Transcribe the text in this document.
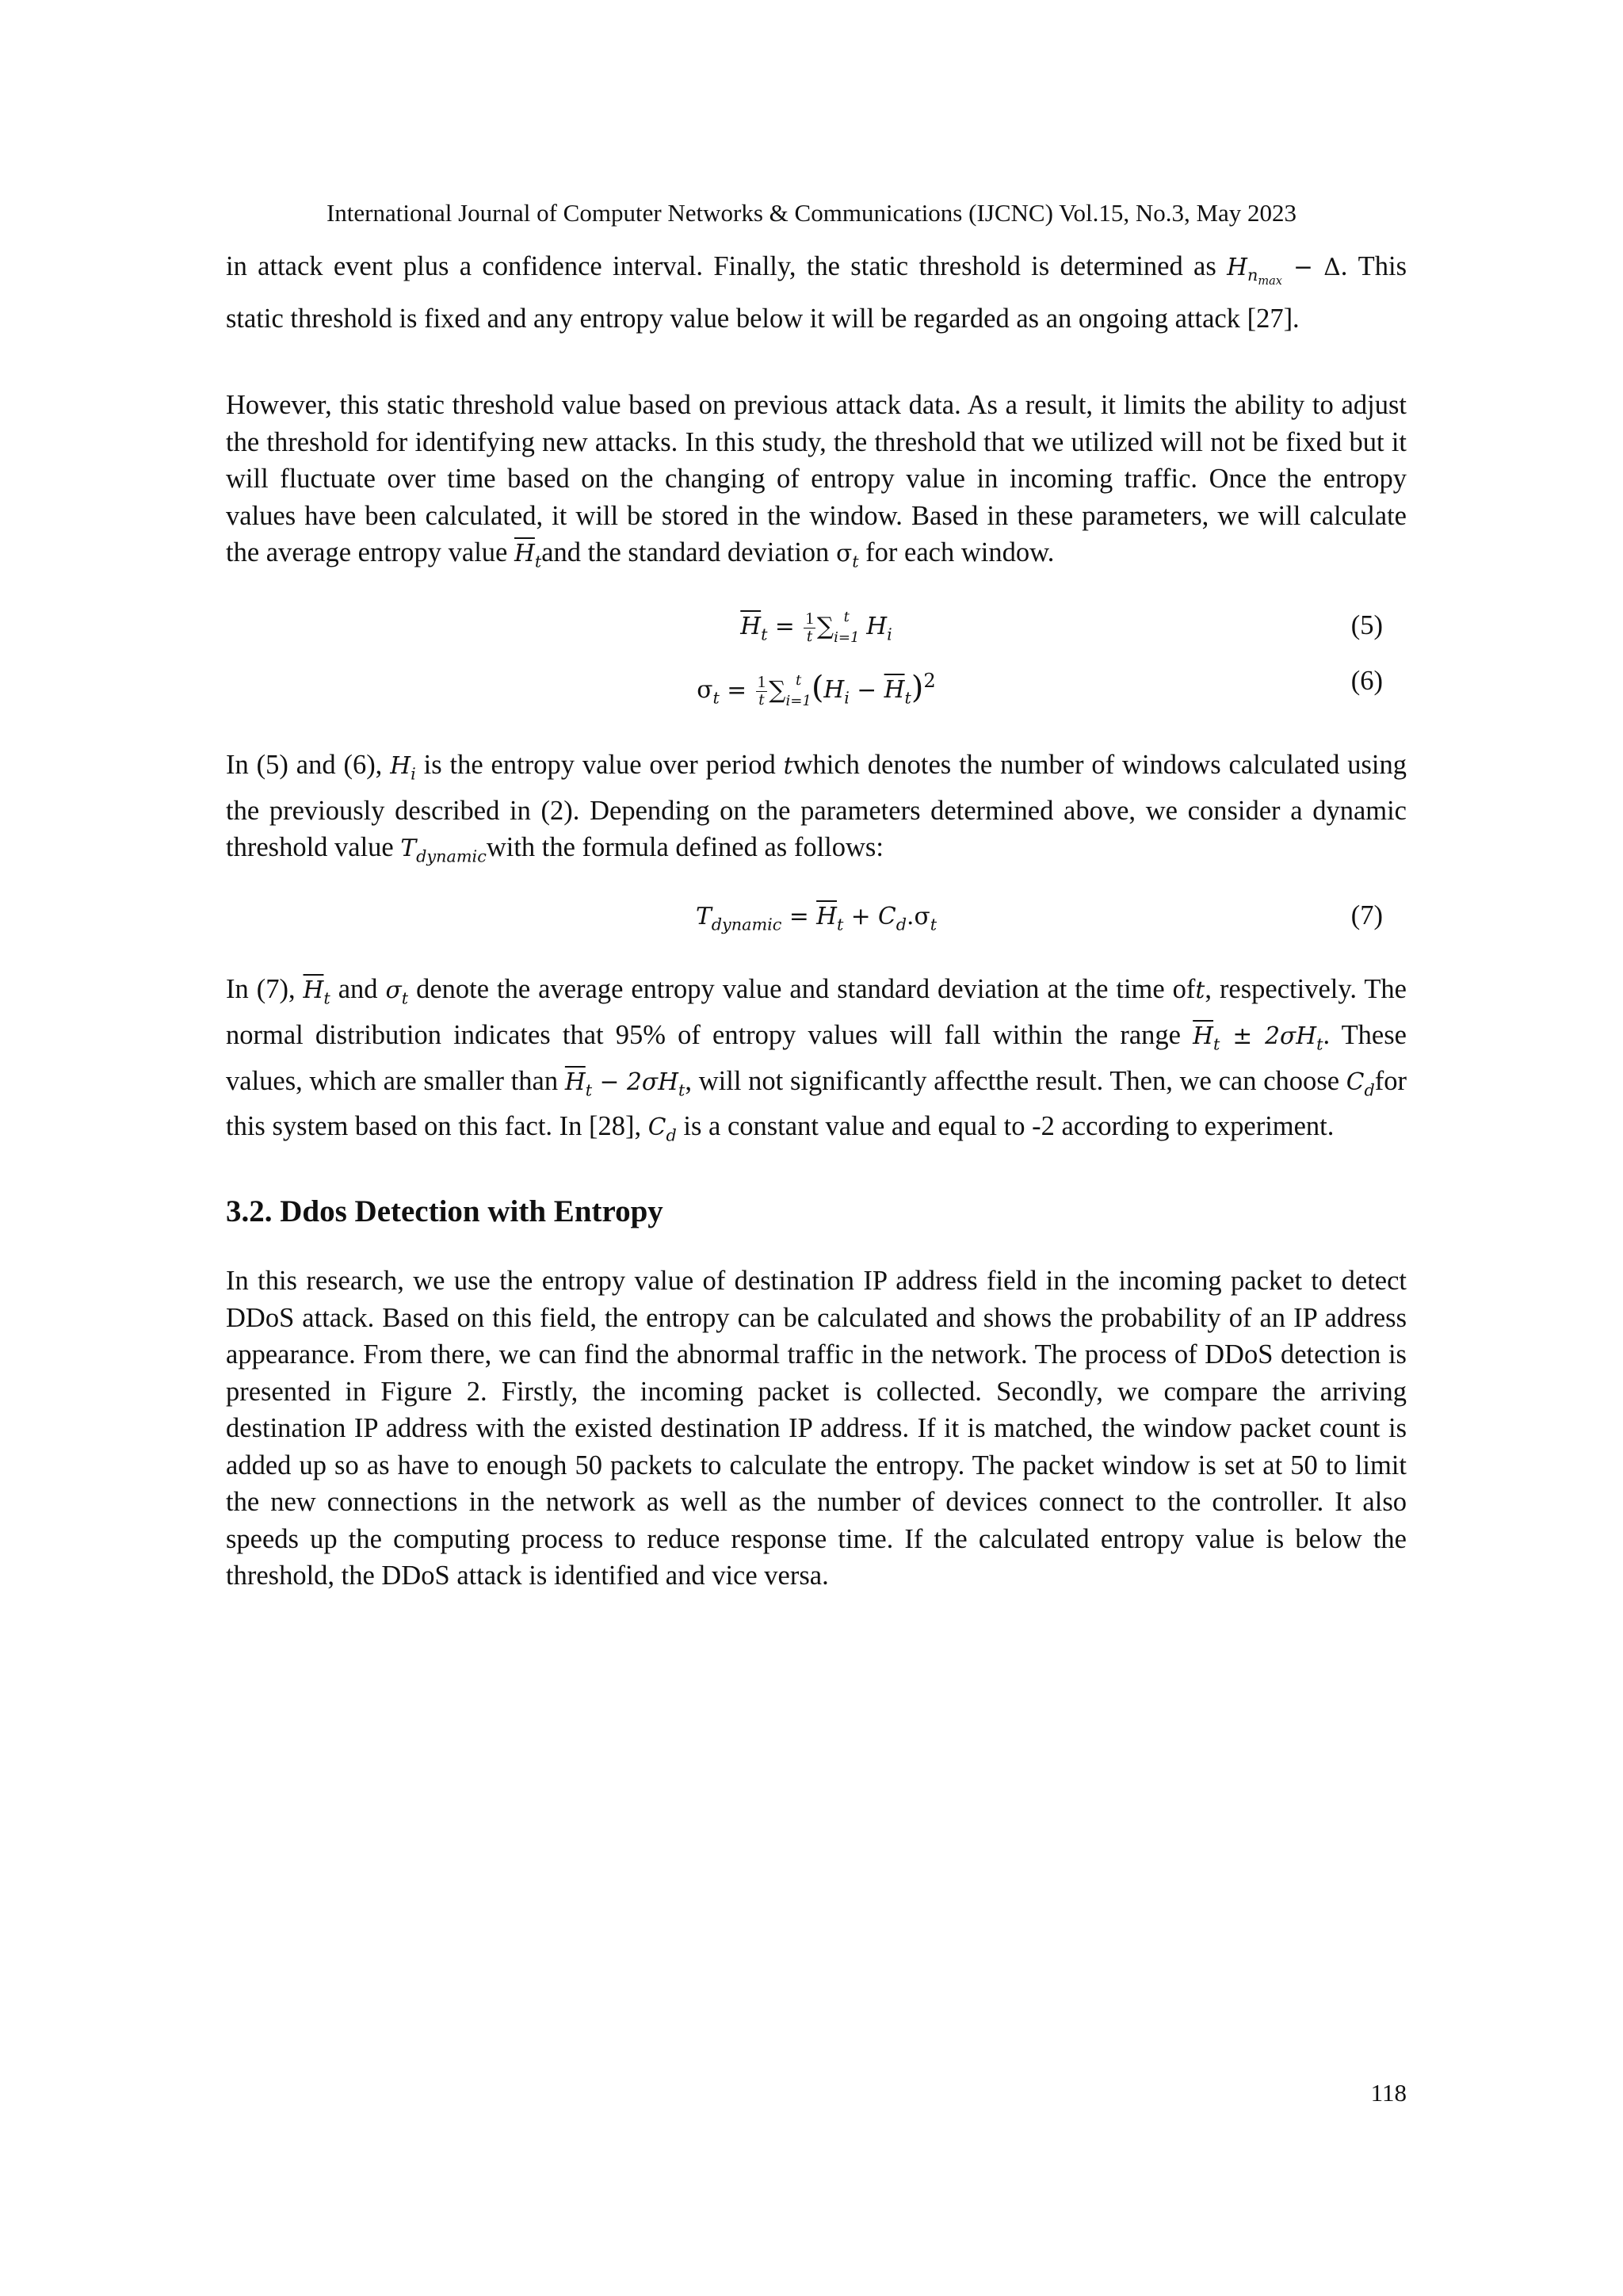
International Journal of Computer Networks & Communications (IJCNC) Vol.15, No.3, May 2023

in attack event plus a confidence interval. Finally, the static threshold is determined as $H_{n_{max}} - \Delta$. This static threshold is fixed and any entropy value below it will be regarded as an ongoing attack [27].

However, this static threshold value based on previous attack data. As a result, it limits the ability to adjust the threshold for identifying new attacks. In this study, the threshold that we utilized will not be fixed but it will fluctuate over time based on the changing of entropy value in incoming traffic. Once the entropy values have been calculated, it will be stored in the window. Based in these parameters, we will calculate the average entropy value $\overline{H}_tand$ the standard deviation $\sigma_t$ for each window.

$\overline{H}_t = \frac{1}{t}$ ∑ t
i=1 $H_i$	(5)
$\sigma_t = \frac{1}{t}$ ∑ t
i=1 $(H_i - \overline{H}_t)^2$	(6)

In (5) and (6), $H_i$ is the entropy value over period twhich denotes the number of windows calculated using the previously described in (2). Depending on the parameters determined above, we consider a dynamic threshold value $T_{dynamic}with$ the formula defined as follows:

$T_{dynamic} = \overline{H}_t + C_d.\sigma_t$	(7)

In (7), $\overline{H}_t$ and $\sigma_t$ denote the average entropy value and standard deviation at the time oft, respectively. The normal distribution indicates that 95% of entropy values will fall within the range $\overline{H}_t \pm 2\sigma H_t$. These values, which are smaller than $\overline{H}_t - 2\sigma H_t$, will not significantly affectthe result. Then, we can choose $C_dfor$ this system based on this fact. In [28], $C_d$ is a constant value and equal to -2 according to experiment.

3.2. Ddos Detection with Entropy

In this research, we use the entropy value of destination IP address field in the incoming packet to detect DDoS attack. Based on this field, the entropy can be calculated and shows the probability of an IP address appearance. From there, we can find the abnormal traffic in the network. The process of DDoS detection is presented in Figure 2. Firstly, the incoming packet is collected. Secondly, we compare the arriving destination IP address with the existed destination IP address. If it is matched, the window packet count is added up so as have to enough 50 packets to calculate the entropy. The packet window is set at 50 to limit the new connections in the network as well as the number of devices connect to the controller. It also speeds up the computing process to reduce response time. If the calculated entropy value is below the threshold, the DDoS attack is identified and vice versa.

118
